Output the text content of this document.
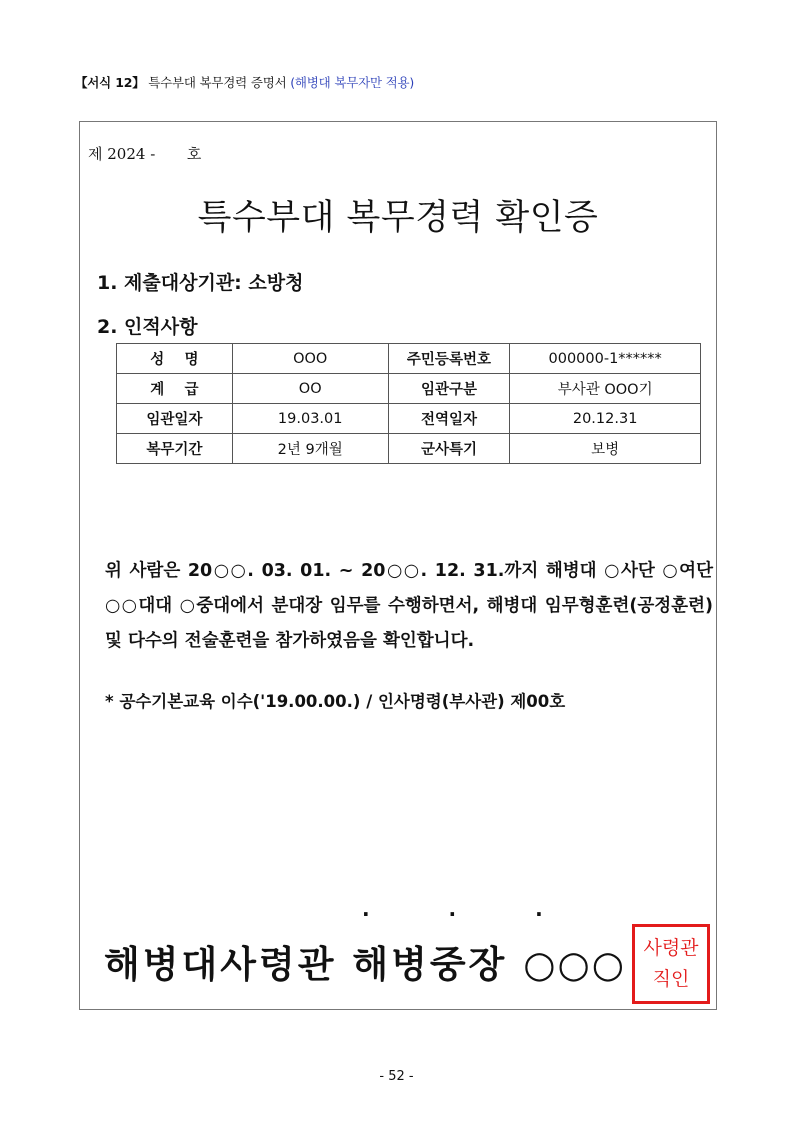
【서식 12】 특수부대 복무경력 증명서 (해병대 복무자만 적용)
제 2024 - 호
특수부대 복무경력 확인증
1. 제출대상기관: 소방청
2. 인적사항
성    명	OOO	주민등록번호	000000-1******
계    급	OO	임관구분	부사관 OOO기
임관일자	19.03.01	전역일자	20.12.31
복무기간	2년 9개월	군사특기	보병
위 사람은 20○○. 03. 01. ~ 20○○. 12. 31.까지 해병대 ○사단 ○여단 ○○대대 ○중대에서 분대장 임무를 수행하면서, 해병대 임무형훈련(공정훈련) 및 다수의 전술훈련을 참가하였음을 확인합니다.
* 공수기본교육 이수('19.00.00.) / 인사명령(부사관) 제00호
. . .
해병대사령관 해병중장 ○○○ 사령관
직인
- 52 -
